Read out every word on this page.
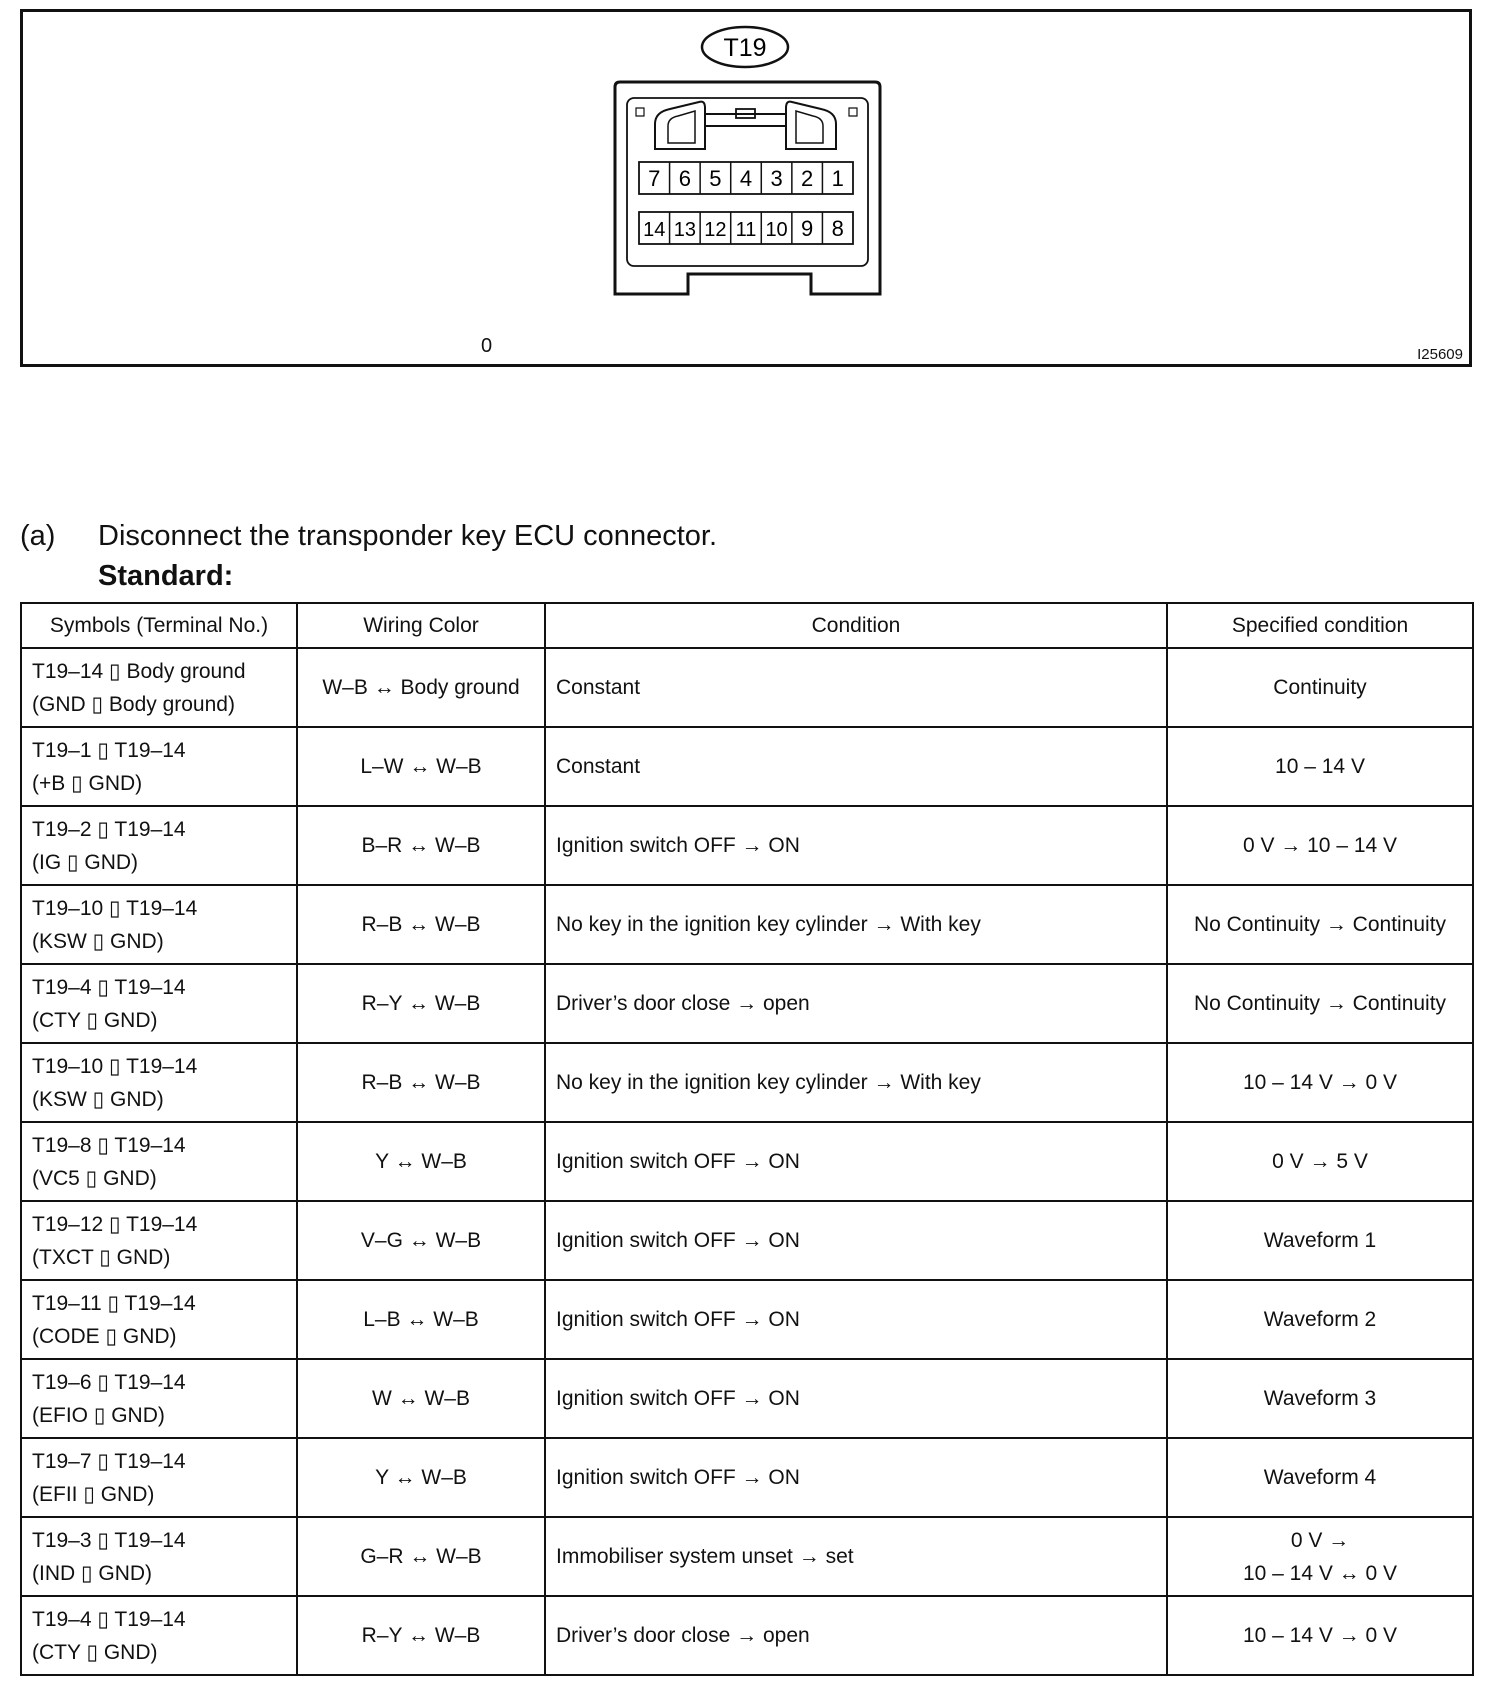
T19
7 6 5 4 3 2 1
14 13 12 11 10 9 8
0	I25609
(a) Disconnect the transponder key ECU connector.
Standard:
Symbols (Terminal No.)	Wiring Color	Condition	Specified condition

T19–14 ▯ Body ground
(GND ▯ Body ground)	W–B ↔ Body ground	Constant	Continuity

T19–1 ▯ T19–14
(+B ▯ GND)	L–W ↔ W–B	Constant	10 – 14 V

T19–2 ▯ T19–14
(IG ▯ GND)	B–R ↔ W–B	Ignition switch OFF → ON	0 V → 10 – 14 V

T19–10 ▯ T19–14
(KSW ▯ GND)	R–B ↔ W–B	No key in the ignition key cylinder → With key	No Continuity → Continuity

T19–4 ▯ T19–14
(CTY ▯ GND)	R–Y ↔ W–B	Driver’s door close → open	No Continuity → Continuity

T19–10 ▯ T19–14
(KSW ▯ GND)	R–B ↔ W–B	No key in the ignition key cylinder → With key	10 – 14 V → 0 V

T19–8 ▯ T19–14
(VC5 ▯ GND)	Y ↔ W–B	Ignition switch OFF → ON	0 V → 5 V

T19–12 ▯ T19–14
(TXCT ▯ GND)	V–G ↔ W–B	Ignition switch OFF → ON	Waveform 1

T19–11 ▯ T19–14
(CODE ▯ GND)	L–B ↔ W–B	Ignition switch OFF → ON	Waveform 2

T19–6 ▯ T19–14
(EFIO ▯ GND)	W ↔ W–B	Ignition switch OFF → ON	Waveform 3

T19–7 ▯ T19–14
(EFII ▯ GND)	Y ↔ W–B	Ignition switch OFF → ON	Waveform 4

T19–3 ▯ T19–14
(IND ▯ GND)	G–R ↔ W–B	Immobiliser system unset → set	0 V →
10 – 14 V ↔ 0 V

T19–4 ▯ T19–14
(CTY ▯ GND)	R–Y ↔ W–B	Driver’s door close → open	10 – 14 V → 0 V
